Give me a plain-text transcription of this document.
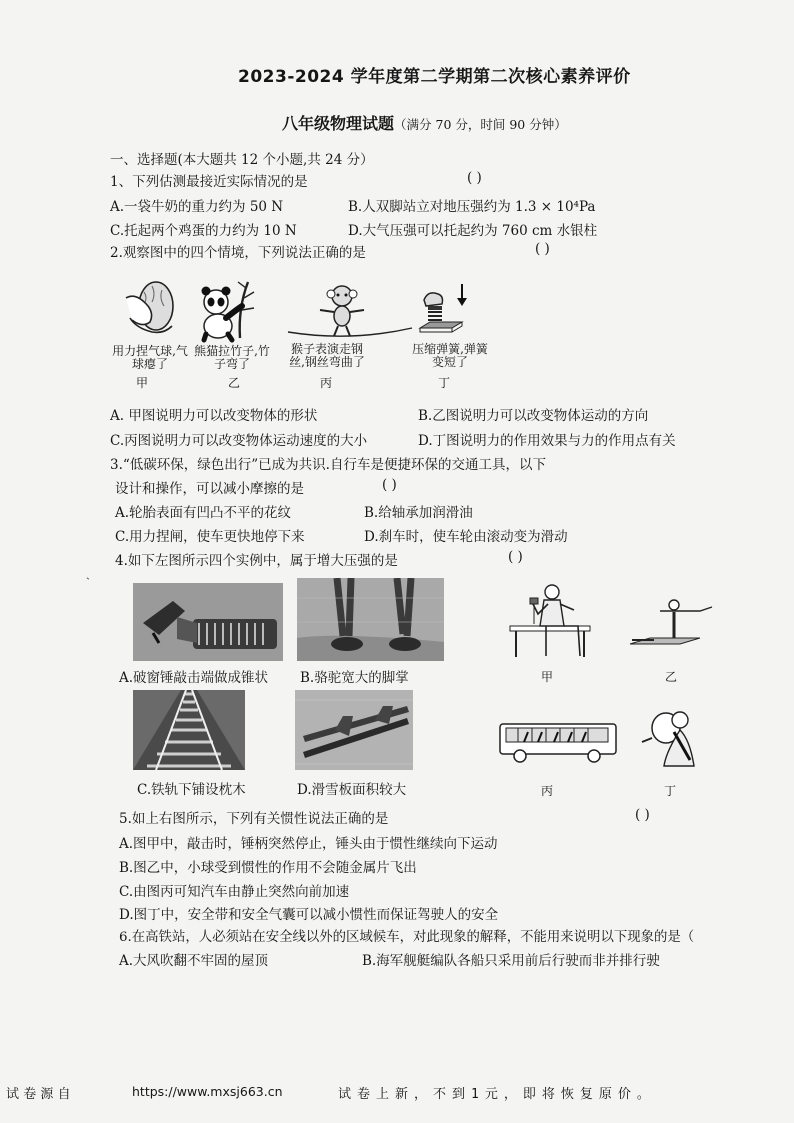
2023-2024 学年度第二学期第二次核心素养评价
八年级物理试题（满分 70 分，时间 90 分钟）
一、选择题(本大题共 12 个小题,共 24 分）
1、下列估测最接近实际情况的是	( )
A.一袋牛奶的重力约为 50 N	B.人双脚站立对地压强约为 1.3 × 10⁴Pa
C.托起两个鸡蛋的力约为 10 N	D.大气压强可以托起约为 760 cm 水银柱
2.观察图中的四个情境，下列说法正确的是	( )
用力捏气球,气球瘪了
熊猫拉竹子,竹子弯了
猴子表演走钢丝,钢丝弯曲了
压缩弹簧,弹簧变短了
甲	乙	丙	丁
A. 甲图说明力可以改变物体的形状	B.乙图说明力可以改变物体运动的方向
C.丙图说明力可以改变物体运动速度的大小	D.丁图说明力的作用效果与力的作用点有关
3.“低碳环保，绿色出行”已成为共识.自行车是便捷环保的交通工具，以下
设计和操作，可以减小摩擦的是	( )
A.轮胎表面有凹凸不平的花纹	B.给轴承加润滑油
C.用力捏闸，使车更快地停下来	D.刹车时，使车轮由滚动变为滑动
4.如下左图所示四个实例中，属于增大压强的是	( )
ˏ
A.破窗锤敲击端做成锥状 B.骆驼宽大的脚掌
C.铁轨下铺设枕木	D.滑雪板面积较大
甲	乙
丙	丁
5.如上右图所示，下列有关惯性说法正确的是	( )
A.图甲中，敲击时，锤柄突然停止，锤头由于惯性继续向下运动
B.图乙中，小球受到惯性的作用不会随金属片飞出
C.由图丙可知汽车由静止突然向前加速
D.图丁中，安全带和安全气囊可以减小惯性而保证驾驶人的安全
6.在高铁站，人必须站在安全线以外的区域候车，对此现象的解释，不能用来说明以下现象的是（
A.大风吹翻不牢固的屋顶	B.海军舰艇编队各船只采用前后行驶而非并排行驶
试卷源自	https://www.mxsj663.cn	试卷上新，不到1元，即将恢复原价。
